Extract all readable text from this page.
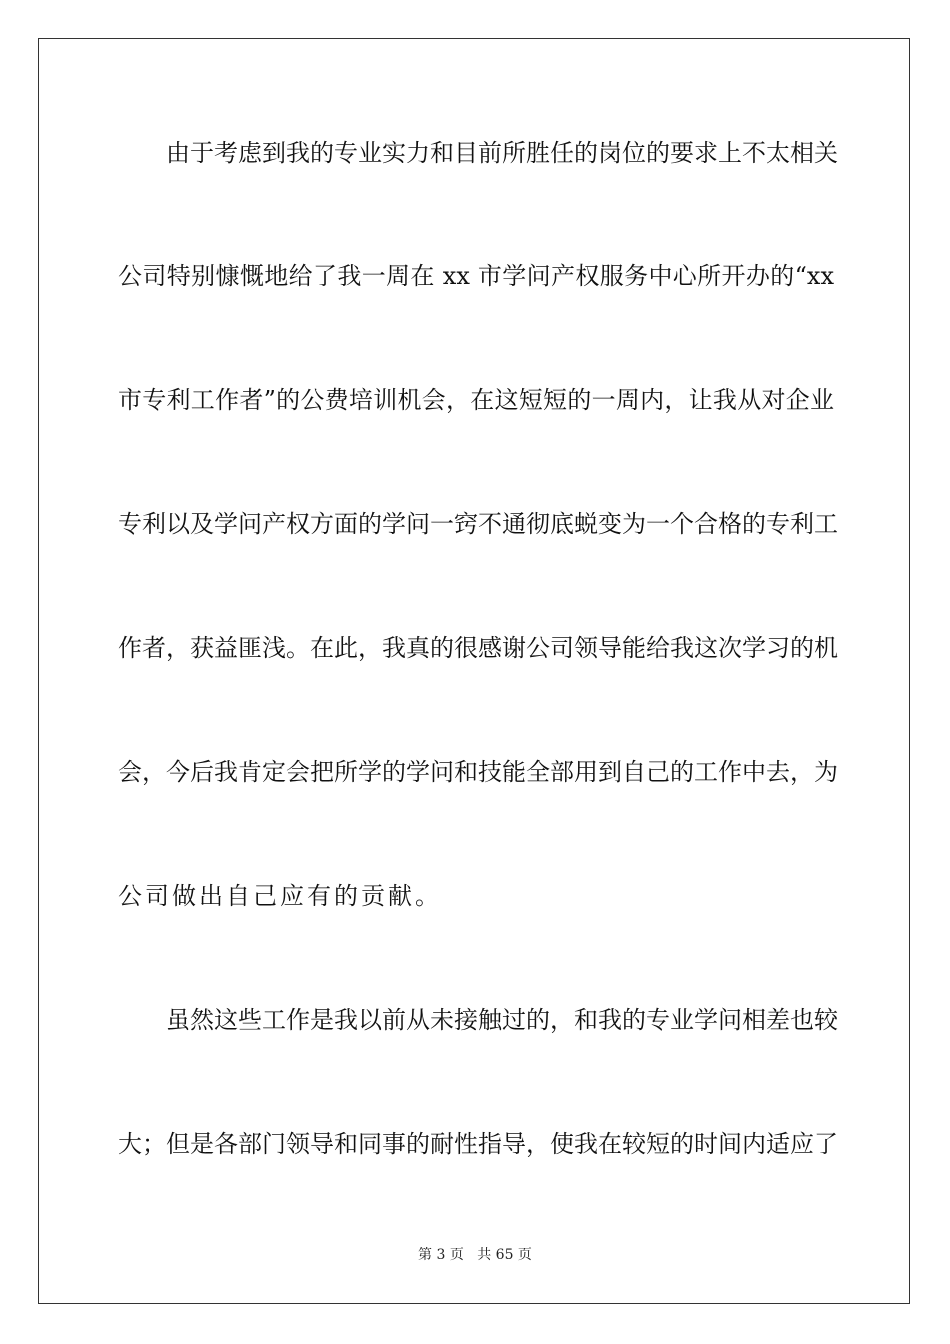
由于考虑到我的专业实力和目前所胜任的岗位的要求上不太相关
公司特别慷慨地给了我一周在 xx 市学问产权服务中心所开办的“xx
市专利工作者”的公费培训机会，在这短短的一周内，让我从对企业
专利以及学问产权方面的学问一窍不通彻底蜕变为一个合格的专利工
作者，获益匪浅。在此，我真的很感谢公司领导能给我这次学习的机
会，今后我肯定会把所学的学问和技能全部用到自己的工作中去，为
公司做出自己应有的贡献。
虽然这些工作是我以前从未接触过的，和我的专业学问相差也较
大；但是各部门领导和同事的耐性指导，使我在较短的时间内适应了
第 3 页 共 65 页
